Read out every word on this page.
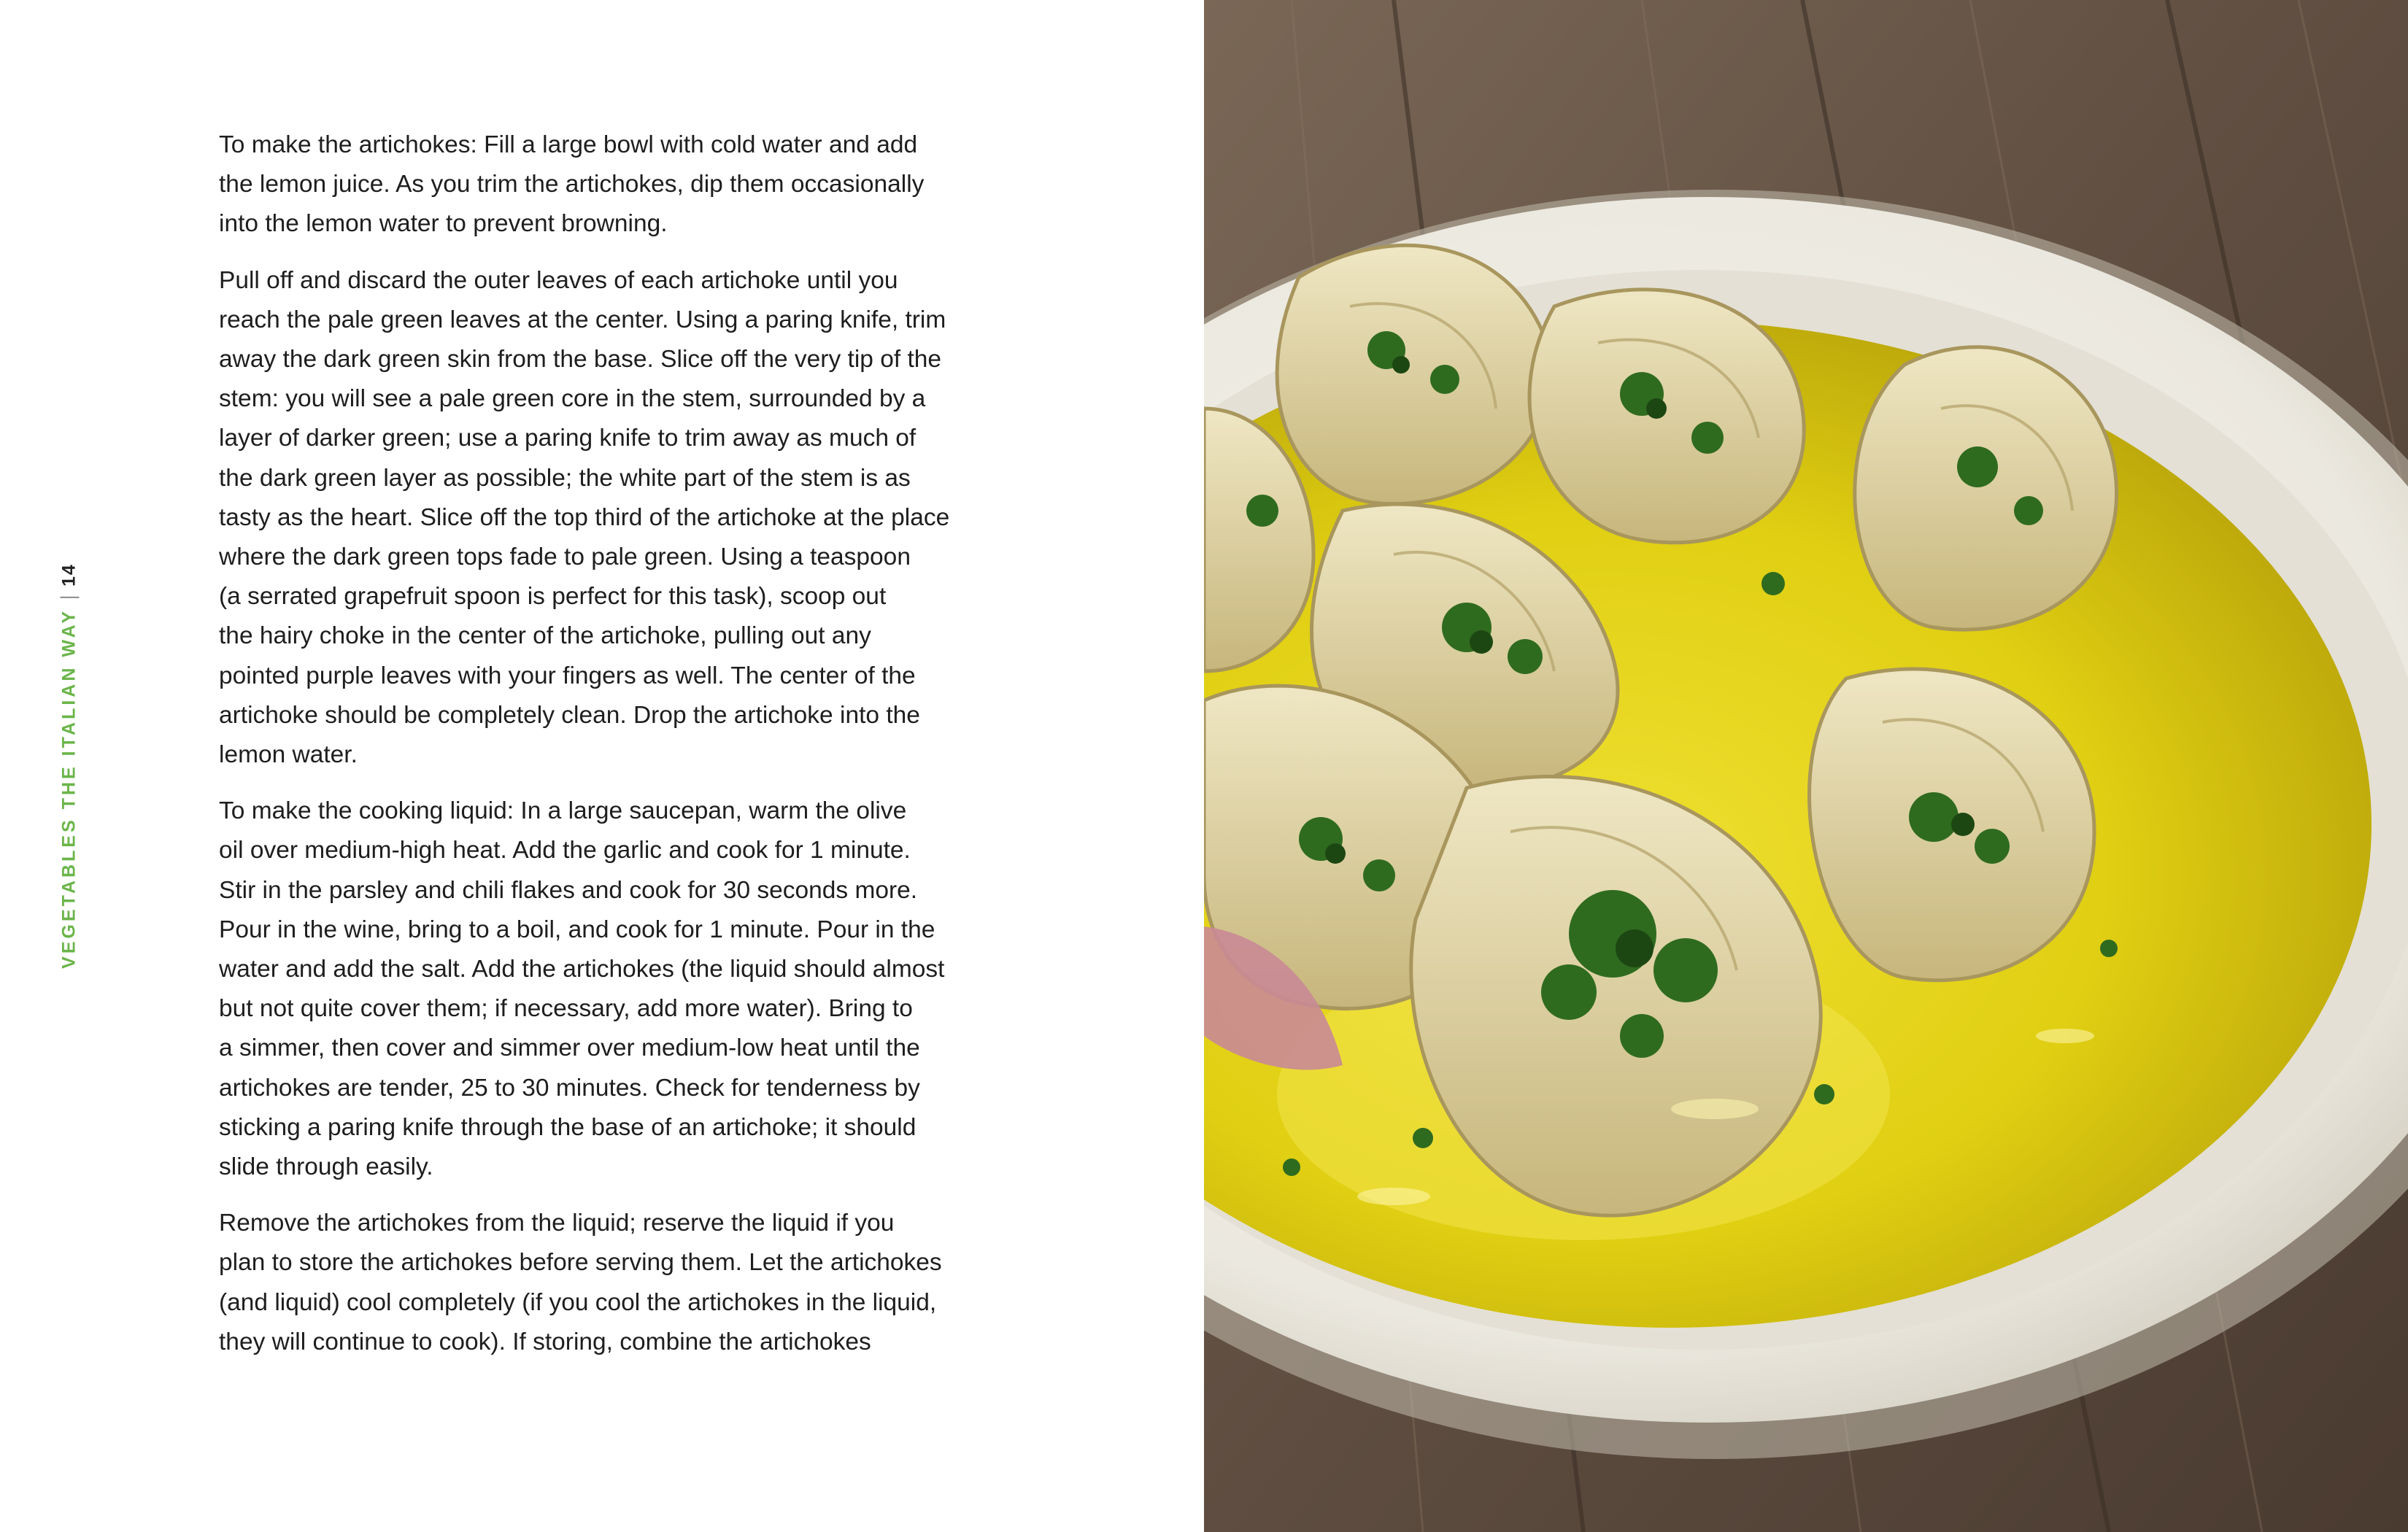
VEGETABLES THE ITALIAN WAY
14

To make the artichokes: Fill a large bowl with cold water and add
the lemon juice. As you trim the artichokes, dip them occasionally
into the lemon water to prevent browning.

Pull off and discard the outer leaves of each artichoke until you
reach the pale green leaves at the center. Using a paring knife, trim
away the dark green skin from the base. Slice off the very tip of the
stem: you will see a pale green core in the stem, surrounded by a
layer of darker green; use a paring knife to trim away as much of
the dark green layer as possible; the white part of the stem is as
tasty as the heart. Slice off the top third of the artichoke at the place
where the dark green tops fade to pale green. Using a teaspoon
(a serrated grapefruit spoon is perfect for this task), scoop out
the hairy choke in the center of the artichoke, pulling out any
pointed purple leaves with your fingers as well. The center of the
artichoke should be completely clean. Drop the artichoke into the
lemon water.

To make the cooking liquid: In a large saucepan, warm the olive
oil over medium-high heat. Add the garlic and cook for 1 minute.
Stir in the parsley and chili flakes and cook for 30 seconds more.
Pour in the wine, bring to a boil, and cook for 1 minute. Pour in the
water and add the salt. Add the artichokes (the liquid should almost
but not quite cover them; if necessary, add more water). Bring to
a simmer, then cover and simmer over medium-low heat until the
artichokes are tender, 25 to 30 minutes. Check for tenderness by
sticking a paring knife through the base of an artichoke; it should
slide through easily.

Remove the artichokes from the liquid; reserve the liquid if you
plan to store the artichokes before serving them. Let the artichokes
(and liquid) cool completely (if you cool the artichokes in the liquid,
they will continue to cook). If storing, combine the artichokes
